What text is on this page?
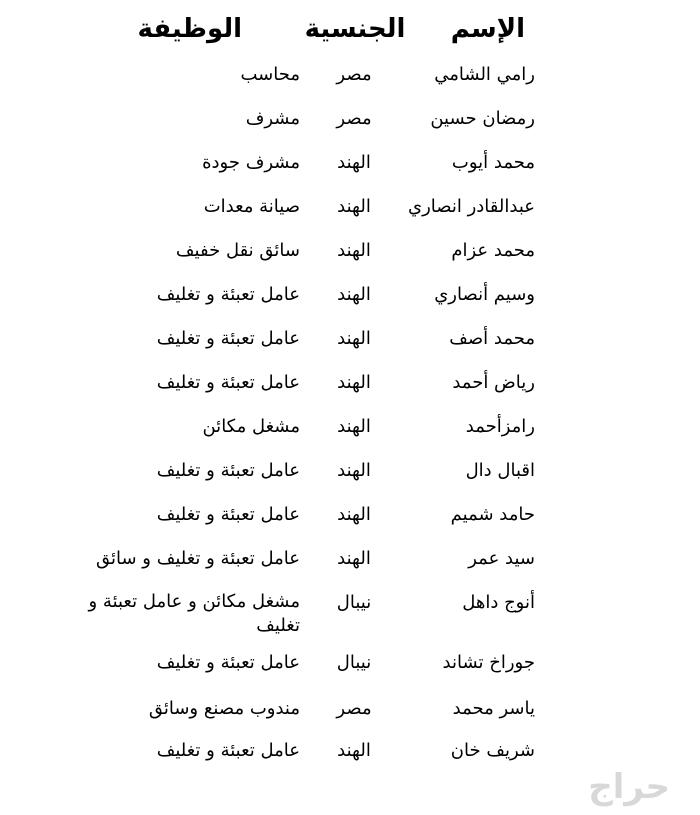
الإسم
الجنسية
الوظيفة
رامي الشامي
مصر
محاسب
رمضان حسين
مصر
مشرف
محمد أيوب
الهند
مشرف جودة
عبدالقادر انصاري
الهند
صيانة معدات
محمد عزام
الهند
سائق نقل خفيف
وسيم أنصاري
الهند
عامل تعبئة و تغليف
محمد أصف
الهند
عامل تعبئة و تغليف
رياض أحمد
الهند
عامل تعبئة و تغليف
رامزأحمد
الهند
مشغل مكائن
اقبال دال
الهند
عامل تعبئة و تغليف
حامد شميم
الهند
عامل تعبئة و تغليف
سيد عمر
الهند
عامل تعبئة و تغليف و سائق
أنوج داهل
نيبال
مشغل مكائن و عامل تعبئة و تغليف
جوراخ تشاند
نيبال
عامل تعبئة و تغليف
ياسر محمد
مصر
مندوب مصنع وسائق
شريف خان
الهند
عامل تعبئة و تغليف
حراج
